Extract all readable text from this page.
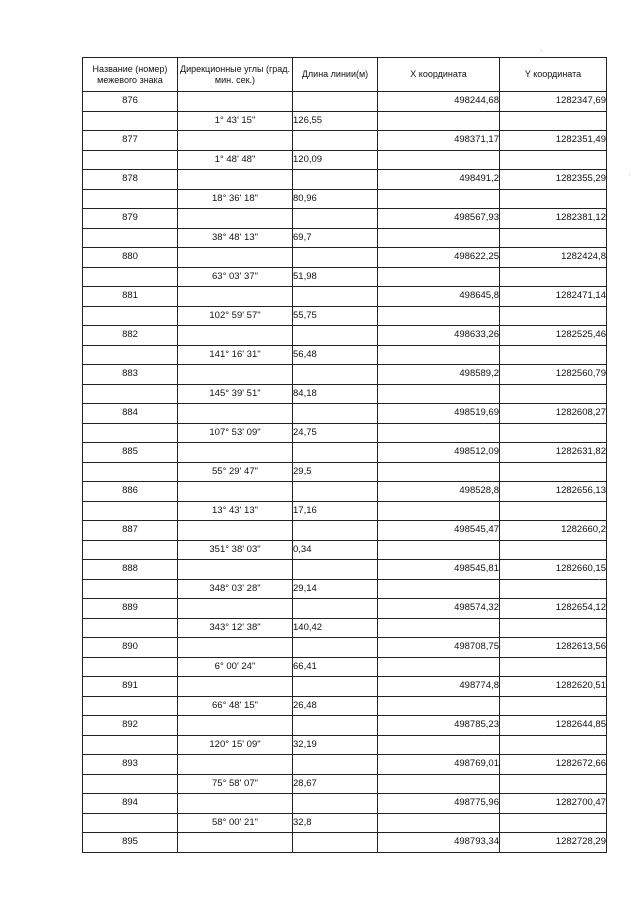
Название (номер) межевого знака	Дирекционные углы (град. мин. сек.)	Длина линии(м)	X координата	Y координата
876			498244,68	1282347,69
	1° 43' 15"	126,55		
877			498371,17	1282351,49
	1° 48' 48"	120,09		
878			498491,2	1282355,29
	18° 36' 18"	80,96		
879			498567,93	1282381,12
	38° 48' 13"	69,7		
880			498622,25	1282424,8
	63° 03' 37"	51,98		
881			498645,8	1282471,14
	102° 59' 57"	55,75		
882			498633,26	1282525,46
	141° 16' 31"	56,48		
883			498589,2	1282560,79
	145° 39' 51"	84,18		
884			498519,69	1282608,27
	107° 53' 09"	24,75		
885			498512,09	1282631,82
	55° 29' 47"	29,5		
886			498528,8	1282656,13
	13° 43' 13"	17,16		
887			498545,47	1282660,2
	351° 38' 03"	0,34		
888			498545,81	1282660,15
	348° 03' 28"	29,14		
889			498574,32	1282654,12
	343° 12' 38"	140,42		
890			498708,75	1282613,56
	6° 00' 24"	66,41		
891			498774,8	1282620,51
	66° 48' 15"	26,48		
892			498785,23	1282644,85
	120° 15' 09"	32,19		
893			498769,01	1282672,66
	75° 58' 07"	28,67		
894			498775,96	1282700,47
	58° 00' 21"	32,8		
895			498793,34	1282728,29
·
·
·
